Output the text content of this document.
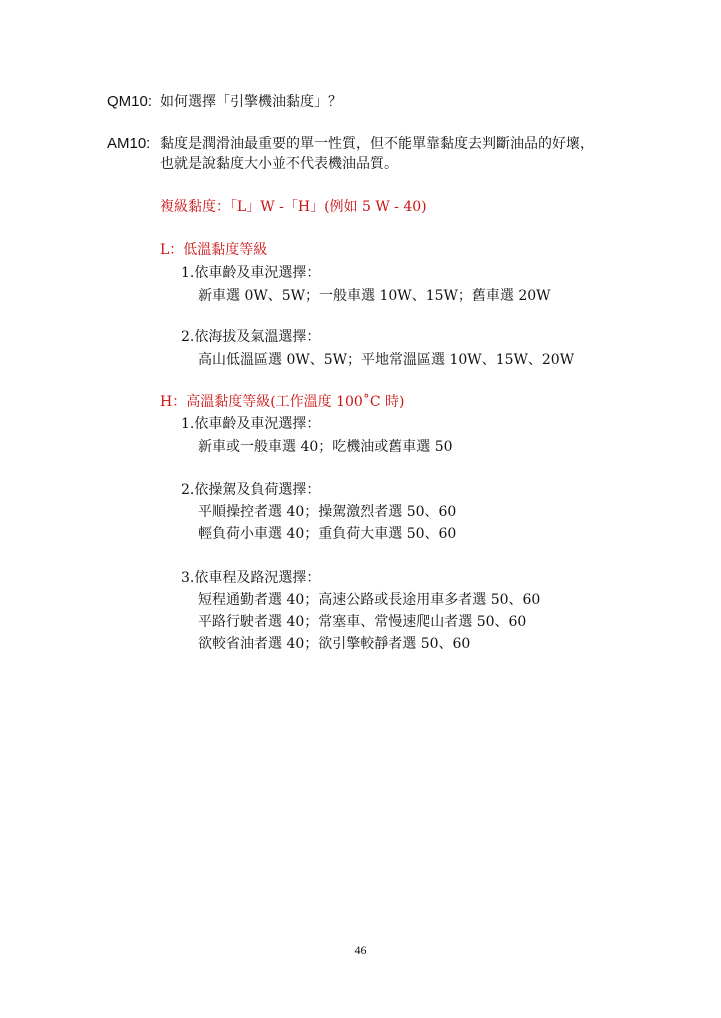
QM10: 如何選擇「引擎機油黏度」？
AM10: 黏度是潤滑油最重要的單一性質，但不能單靠黏度去判斷油品的好壞，
也就是說黏度大小並不代表機油品質。
複級黏度：「L」W -「H」(例如 5 W - 40)
L：低溫黏度等級
1.依車齡及車況選擇：
新車選 0W、5W；一般車選 10W、15W；舊車選 20W
2.依海拔及氣溫選擇：
高山低溫區選 0W、5W；平地常溫區選 10W、15W、20W
H：高溫黏度等級(工作溫度 100˚C 時)
1.依車齡及車況選擇：
新車或一般車選 40；吃機油或舊車選 50
2.依操駕及負荷選擇：
平順操控者選 40；操駕激烈者選 50、60
輕負荷小車選 40；重負荷大車選 50、60
3.依車程及路況選擇：
短程通勤者選 40；高速公路或長途用車多者選 50、60
平路行駛者選 40；常塞車、常慢速爬山者選 50、60
欲較省油者選 40；欲引擎較靜者選 50、60
46
